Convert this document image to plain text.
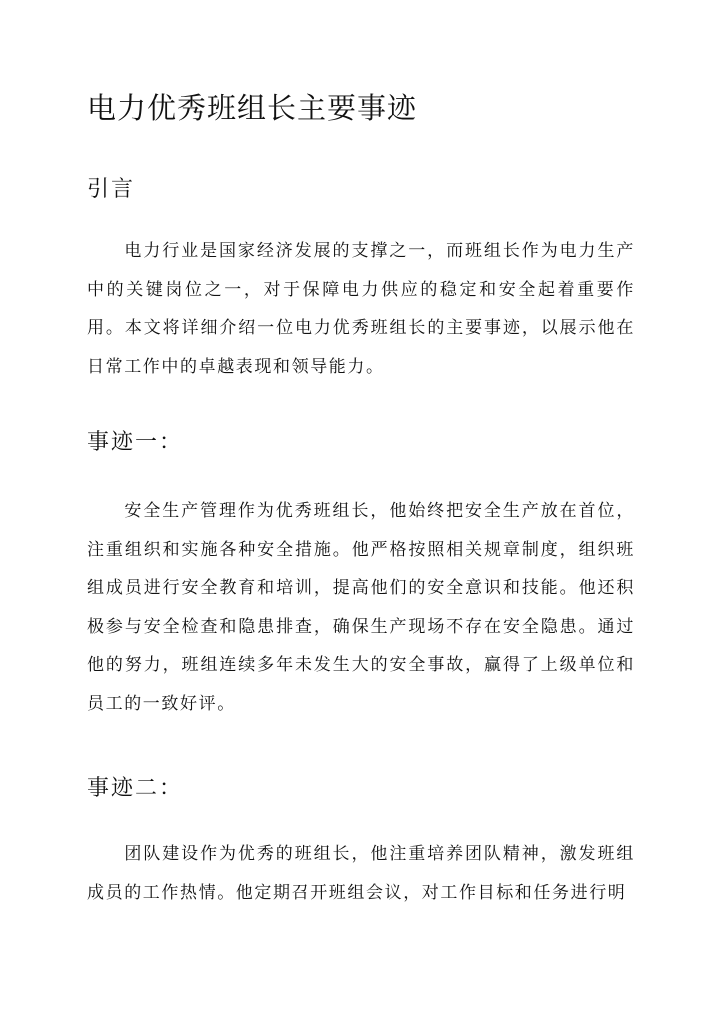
电力优秀班组长主要事迹
引言

电力行业是国家经济发展的支撑之一，而班组长作为电力生产中的关键岗位之一，对于保障电力供应的稳定和安全起着重要作用。本文将详细介绍一位电力优秀班组长的主要事迹，以展示他在日常工作中的卓越表现和领导能力。

事迹一：

安全生产管理作为优秀班组长，他始终把安全生产放在首位，注重组织和实施各种安全措施。他严格按照相关规章制度，组织班组成员进行安全教育和培训，提高他们的安全意识和技能。他还积极参与安全检查和隐患排查，确保生产现场不存在安全隐患。通过他的努力，班组连续多年未发生大的安全事故，赢得了上级单位和员工的一致好评。

事迹二：

团队建设作为优秀的班组长，他注重培养团队精神，激发班组成员的工作热情。他定期召开班组会议，对工作目标和任务进行明
